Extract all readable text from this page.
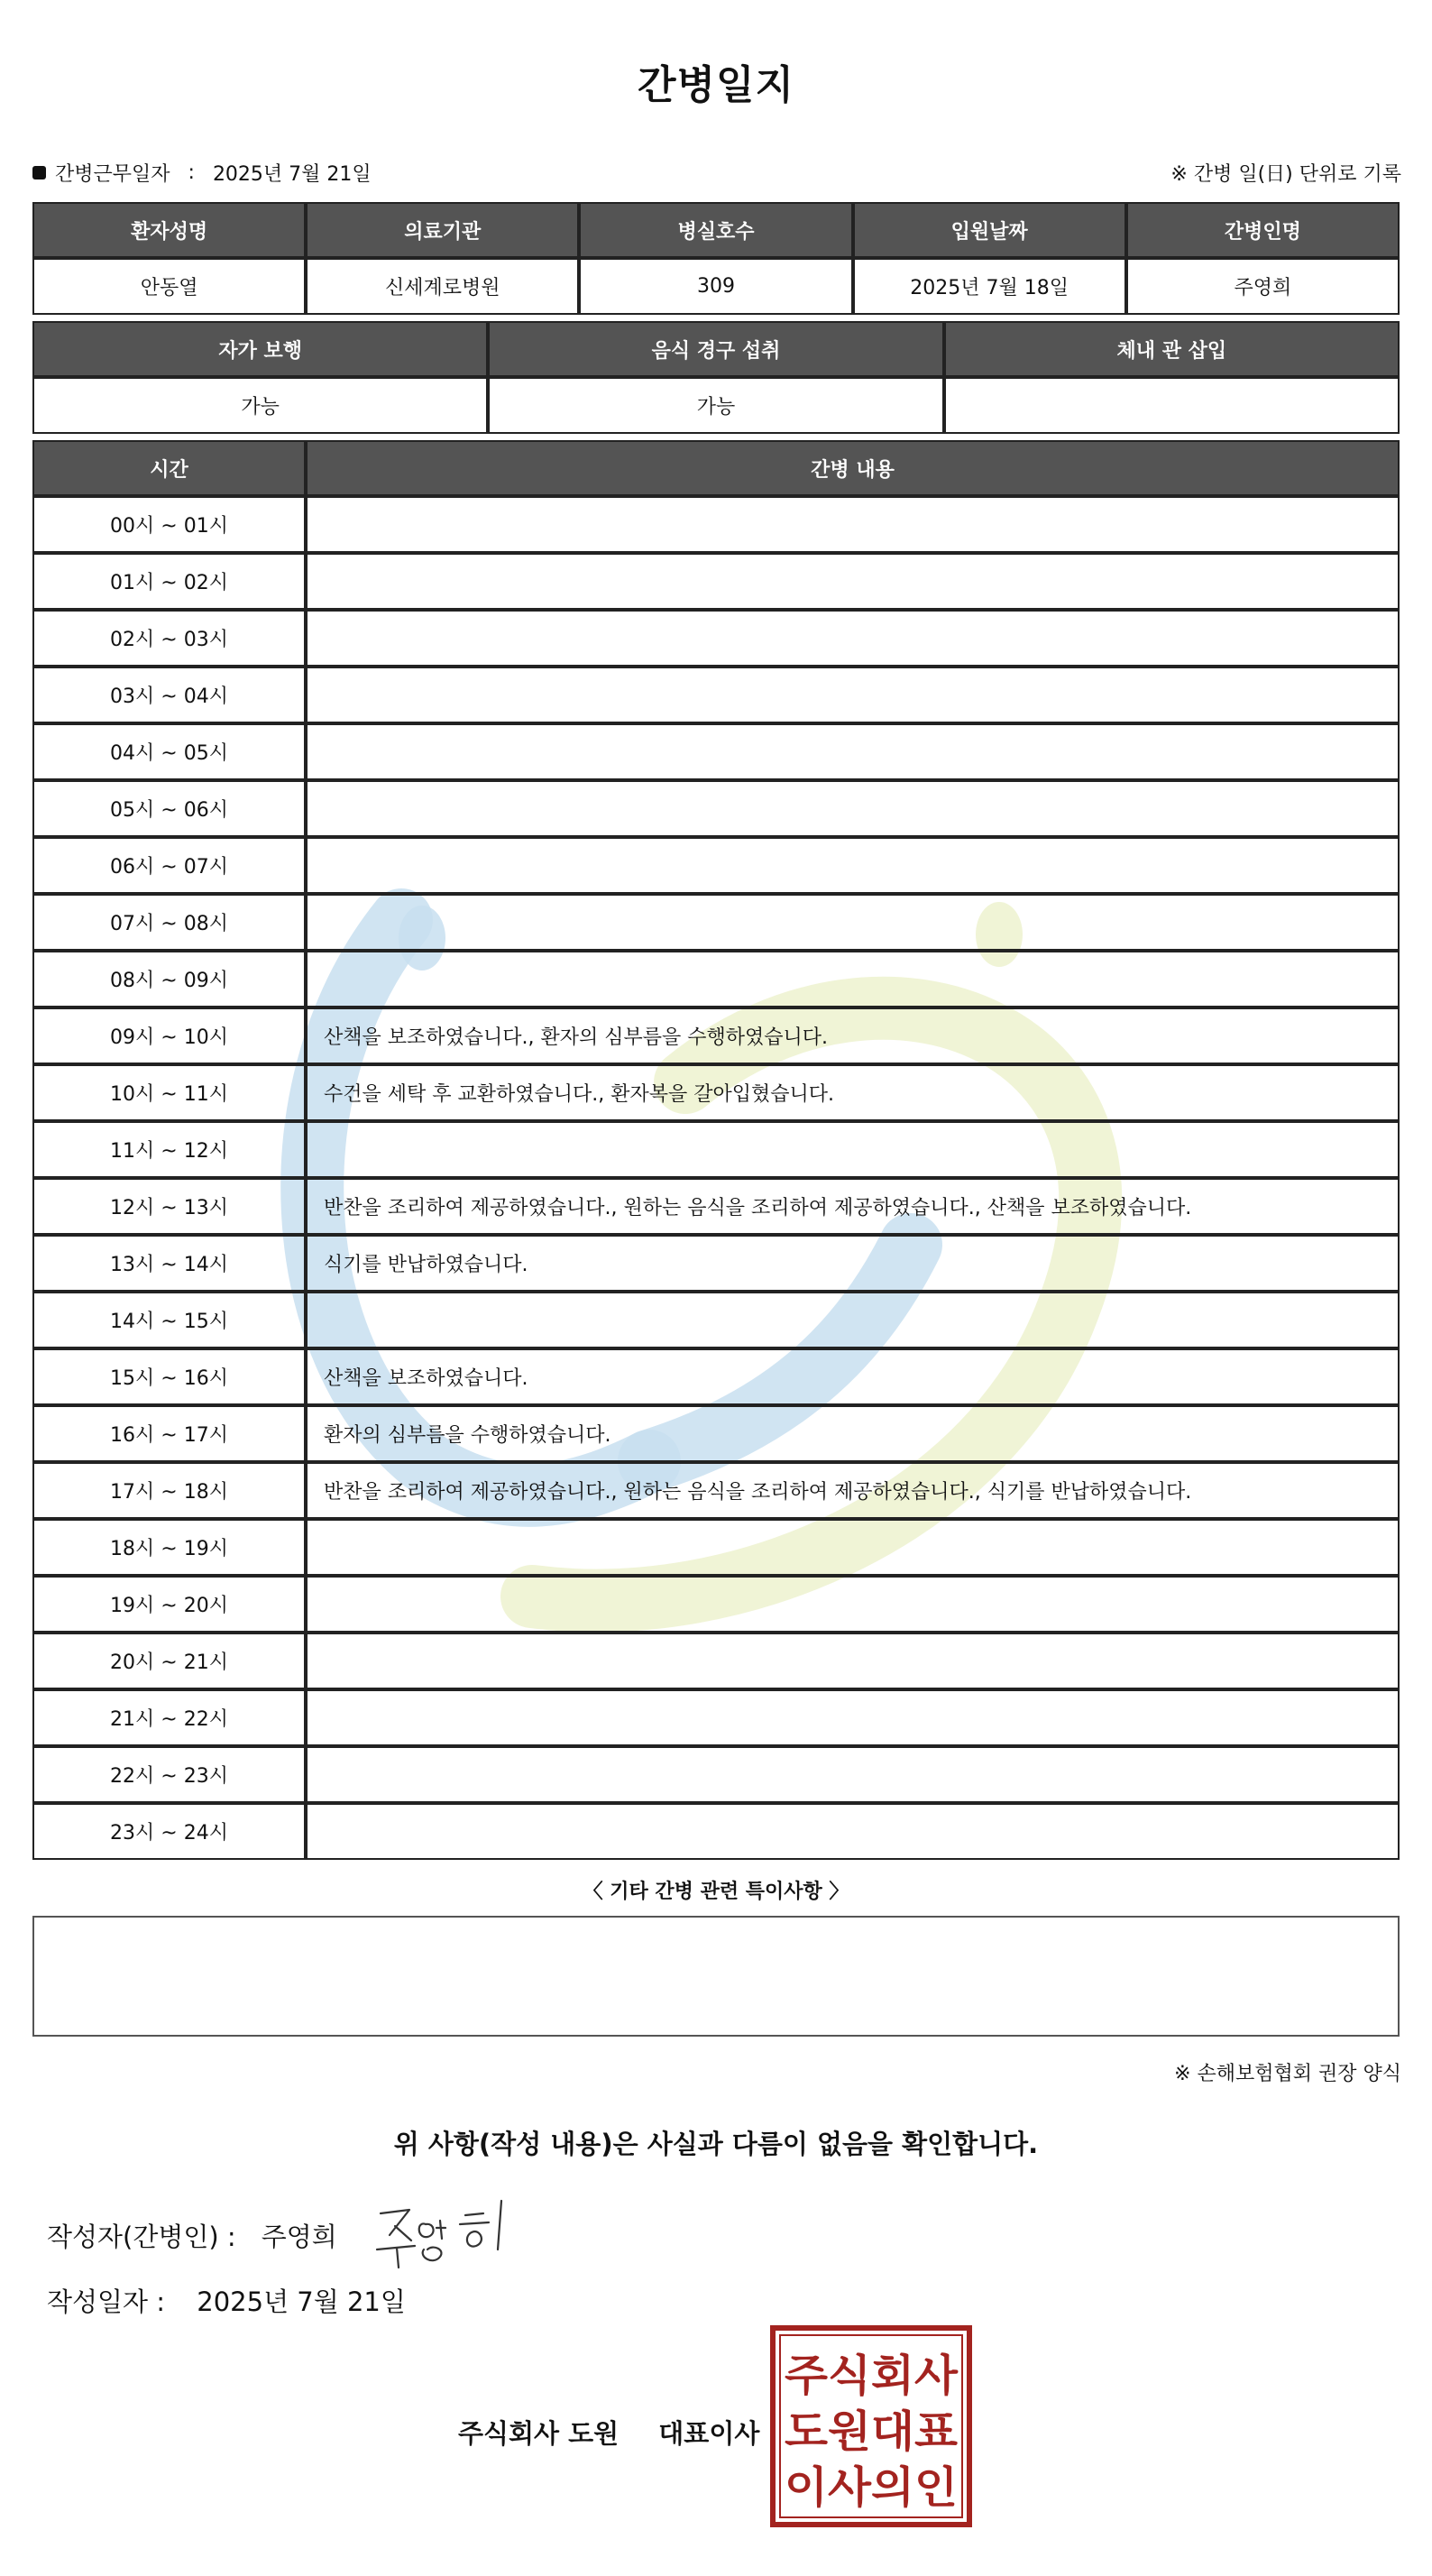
간병일지
간병근무일자 : 2025년 7월 21일	※ 간병 일(日) 단위로 기록
환자성명	의료기관	병실호수	입원날짜	간병인명
안동열	신세계로병원	309	2025년 7월 18일	주영희
자가 보행	음식 경구 섭취	체내 관 삽입
가능	가능	
시간	간병 내용
00시 ~ 01시	
01시 ~ 02시	
02시 ~ 03시	
03시 ~ 04시	
04시 ~ 05시	
05시 ~ 06시	
06시 ~ 07시	
07시 ~ 08시	
08시 ~ 09시	
09시 ~ 10시	산책을 보조하였습니다., 환자의 심부름을 수행하였습니다.
10시 ~ 11시	수건을 세탁 후 교환하였습니다., 환자복을 갈아입혔습니다.
11시 ~ 12시	
12시 ~ 13시	반찬을 조리하여 제공하였습니다., 원하는 음식을 조리하여 제공하였습니다., 산책을 보조하였습니다.
13시 ~ 14시	식기를 반납하였습니다.
14시 ~ 15시	
15시 ~ 16시	산책을 보조하였습니다.
16시 ~ 17시	환자의 심부름을 수행하였습니다.
17시 ~ 18시	반찬을 조리하여 제공하였습니다., 원하는 음식을 조리하여 제공하였습니다., 식기를 반납하였습니다.
18시 ~ 19시	
19시 ~ 20시	
20시 ~ 21시	
21시 ~ 22시	
22시 ~ 23시	
23시 ~ 24시	
〈 기타 간병 관련 특이사항 〉
※ 손해보험협회 권장 양식
위 사항(작성 내용)은 사실과 다름이 없음을 확인합니다.
작성자(간병인) : 주영희
작성일자 : 2025년 7월 21일
주식회사 도원 대표이사
주식회사
도원대표
이사의인
